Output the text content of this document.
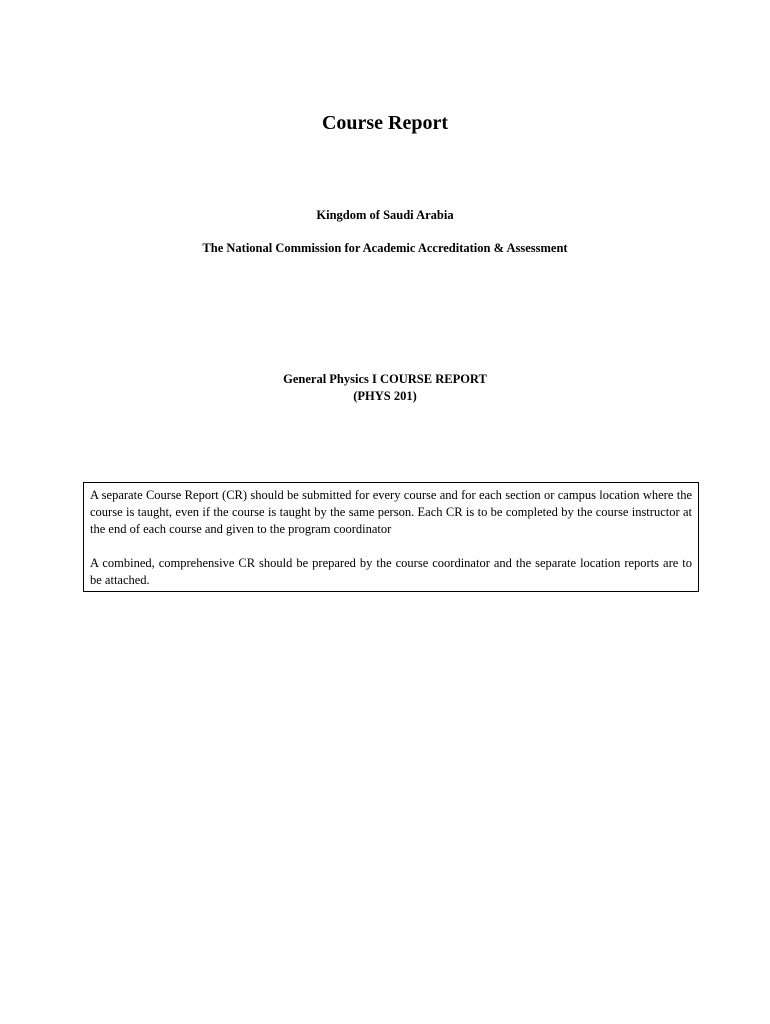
Course Report
Kingdom of Saudi Arabia
The National Commission for Academic Accreditation & Assessment
General Physics I COURSE REPORT
(PHYS 201)

A separate Course Report (CR) should be submitted for every course and for each section or campus location where the course is taught, even if the course is taught by the same person. Each CR is to be completed by the course instructor at the end of each course and given to the program coordinator

A combined, comprehensive CR should be prepared by the course coordinator and the separate location reports are to be attached.
